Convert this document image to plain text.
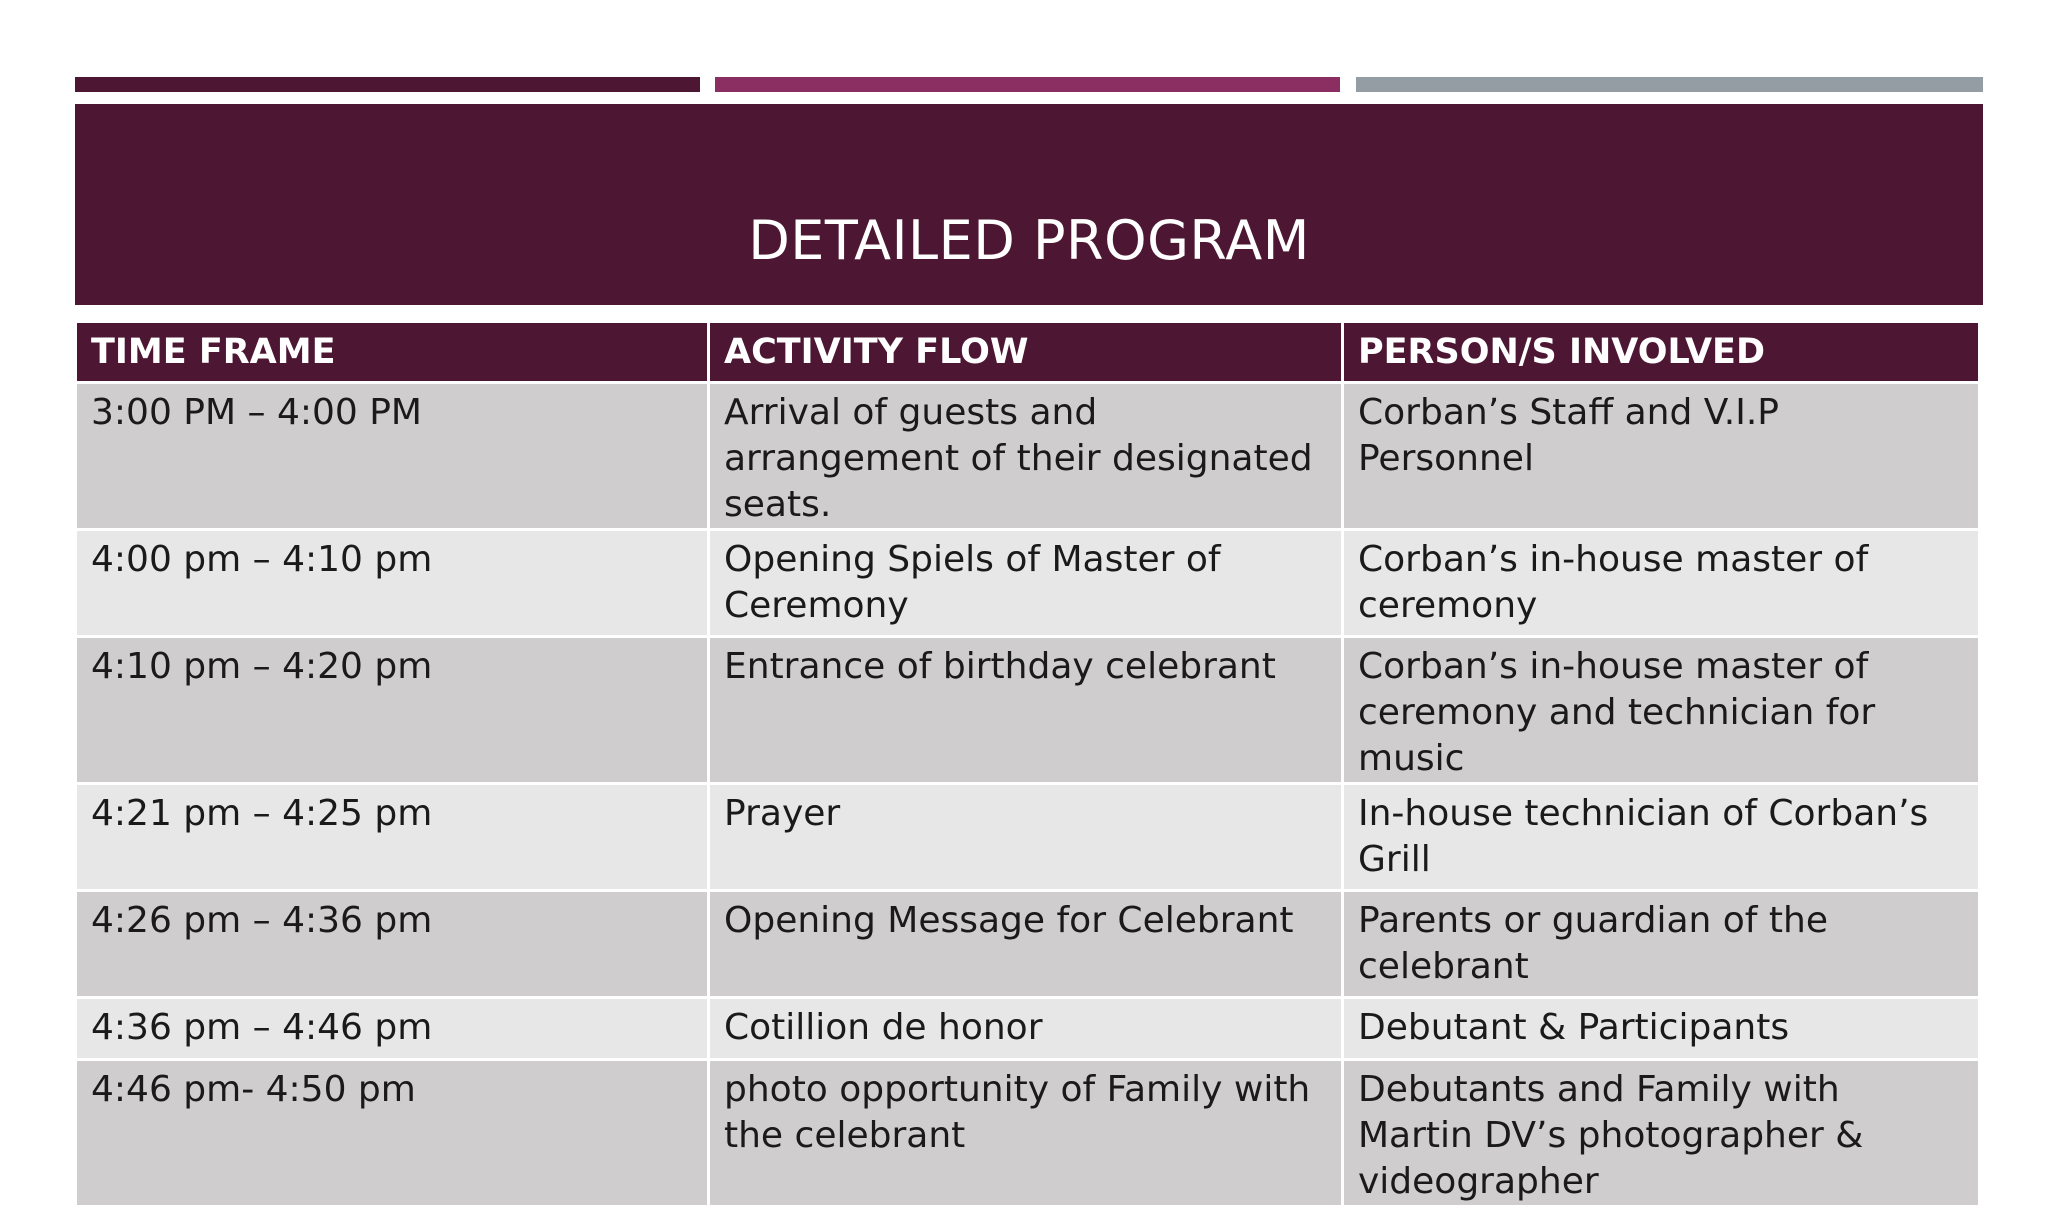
DETAILED PROGRAM
TIME FRAME	ACTIVITY FLOW	PERSON/S INVOLVED
3:00 PM – 4:00 PM	Arrival of guests and arrangement of their designated seats.	Corban’s Staff and V.I.P Personnel
4:00 pm – 4:10 pm	Opening Spiels of Master of Ceremony	Corban’s in-house master of ceremony
4:10 pm – 4:20 pm	Entrance of birthday celebrant	Corban’s in-house master of ceremony and technician for music
4:21 pm – 4:25 pm	Prayer	In-house technician of Corban’s Grill
4:26 pm – 4:36 pm	Opening Message for Celebrant	Parents or guardian of the celebrant
4:36 pm – 4:46 pm	Cotillion de honor	Debutant & Participants
4:46 pm- 4:50 pm	photo opportunity of Family with the celebrant	Debutants and Family with Martin DV’s photographer & videographer
